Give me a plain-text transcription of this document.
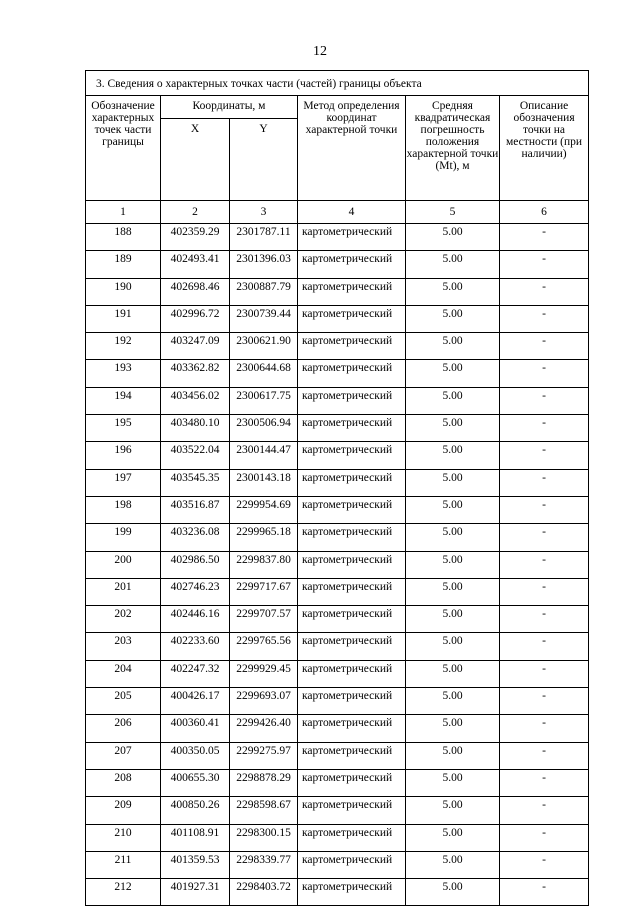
12
3. Сведения о характерных точках части (частей) границы объекта					
Обозначение характерных точек части границы	Координаты, м		Метод определения координат характерной точки	Средняя квадратическая погрешность положения характерной точки (Mt), м	Описание обозначения точки на местности (при наличии)
	X	Y			
1	2	3	4	5	6
188	402359.29	2301787.11	картометрический	5.00	-
189	402493.41	2301396.03	картометрический	5.00	-
190	402698.46	2300887.79	картометрический	5.00	-
191	402996.72	2300739.44	картометрический	5.00	-
192	403247.09	2300621.90	картометрический	5.00	-
193	403362.82	2300644.68	картометрический	5.00	-
194	403456.02	2300617.75	картометрический	5.00	-
195	403480.10	2300506.94	картометрический	5.00	-
196	403522.04	2300144.47	картометрический	5.00	-
197	403545.35	2300143.18	картометрический	5.00	-
198	403516.87	2299954.69	картометрический	5.00	-
199	403236.08	2299965.18	картометрический	5.00	-
200	402986.50	2299837.80	картометрический	5.00	-
201	402746.23	2299717.67	картометрический	5.00	-
202	402446.16	2299707.57	картометрический	5.00	-
203	402233.60	2299765.56	картометрический	5.00	-
204	402247.32	2299929.45	картометрический	5.00	-
205	400426.17	2299693.07	картометрический	5.00	-
206	400360.41	2299426.40	картометрический	5.00	-
207	400350.05	2299275.97	картометрический	5.00	-
208	400655.30	2298878.29	картометрический	5.00	-
209	400850.26	2298598.67	картометрический	5.00	-
210	401108.91	2298300.15	картометрический	5.00	-
211	401359.53	2298339.77	картометрический	5.00	-
212	401927.31	2298403.72	картометрический	5.00	-
